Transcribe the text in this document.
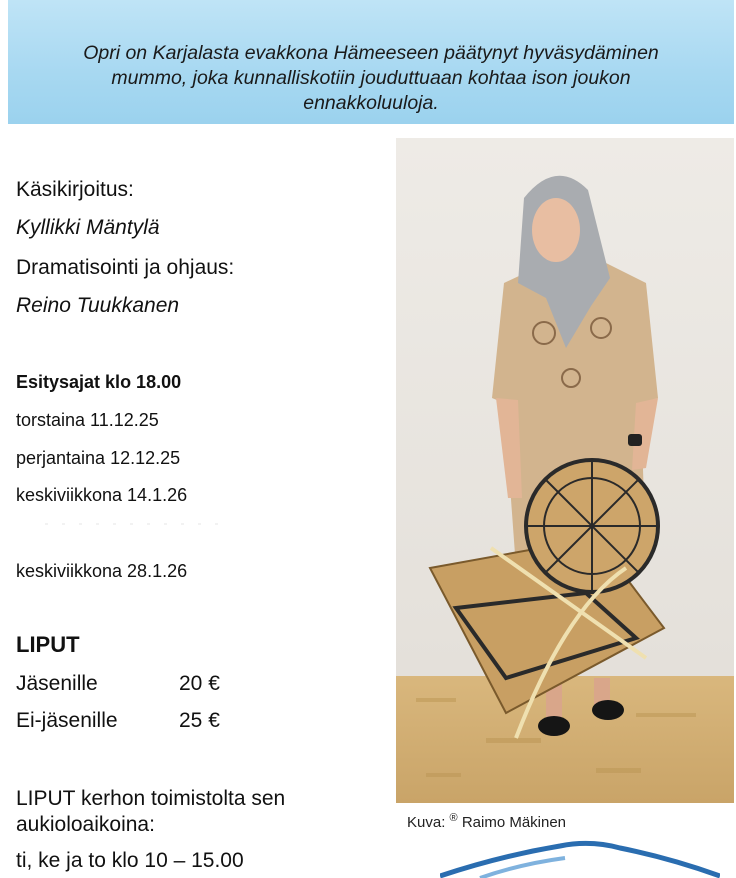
Opri on Karjalasta evakkona Hämeeseen päätynyt hyväsydäminen

mummo, joka kunnalliskotiin jouduttuaan kohtaa ison joukon

ennakkoluuloja.

Käsikirjoitus:
Kyllikki Mäntylä
Dramatisointi ja ohjaus:
Reino Tuukkanen
Esitysajat klo 18.00
torstaina 11.12.25
perjantaina 12.12.25
keskiviikkona 14.1.26
keskiviikkona 28.1.26
LIPUT
Jäsenille	20 €
Ei-jäsenille	25 €
LIPUT kerhon toimistolta sen
aukioloaikoina:
ti, ke ja to klo 10 – 15.00
Kuva: ® Raimo Mäkinen
